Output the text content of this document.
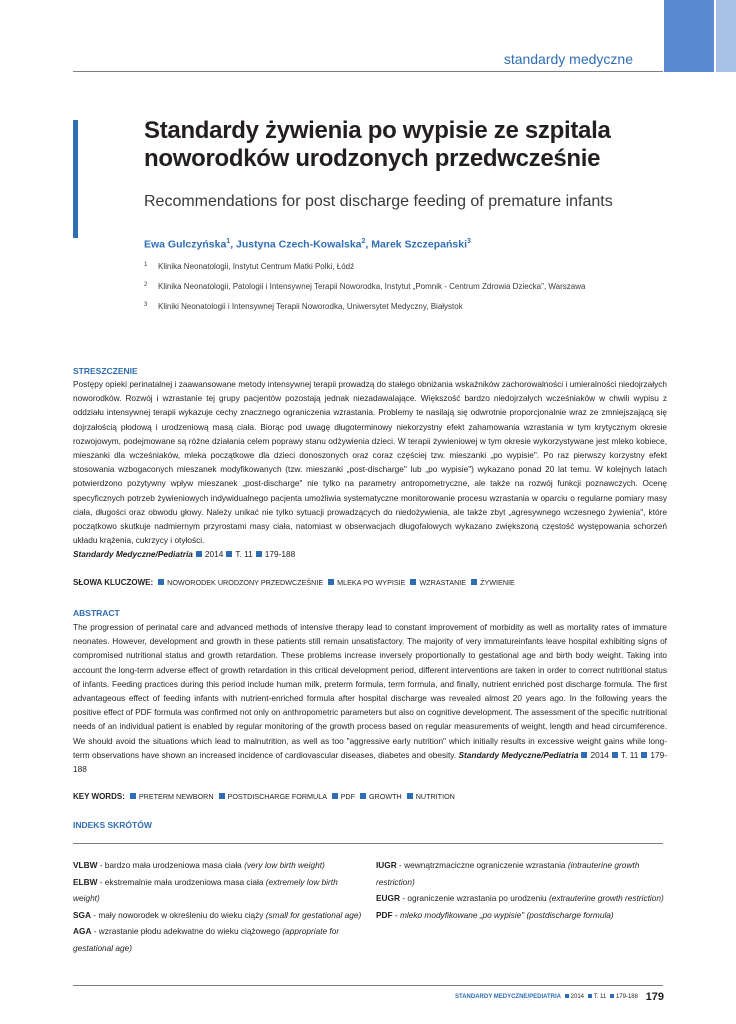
standardy medyczne
Standardy żywienia po wypisie ze szpitala
noworodków urodzonych przedwcześnie
Recommendations for post discharge feeding of premature infants
Ewa Gulczyńska$^1$, Justyna Czech-Kowalska$^2$, Marek Szczepański$^3$
1 Klinika Neonatologii, Instytut Centrum Matki Polki, Łódź
2 Klinika Neonatologii, Patologii i Intensywnej Terapii Noworodka, Instytut „Pomnik - Centrum Zdrowia Dziecka", Warszawa
3 Kliniki Neonatologii i Intensywnej Terapii Noworodka, Uniwersytet Medyczny, Białystok
STRESZCZENIE
Postępy opieki perinatalnej i zaawansowane metody intensywnej terapii prowadzą do stałego obniżania wskaźników zachorowalności i umieralności niedojrzałych noworodków. Rozwój i wzrastanie tej grupy pacjentów pozostają jednak niezadawalające. Większość bardzo niedojrzałych wcześniaków w chwili wypisu z oddziału intensywnej terapii wykazuje cechy znacznego ograniczenia wzrastania. Problemy te nasilają się odwrotnie proporcjonalnie wraz ze zmniejszającą się dojrzałością płodową i urodzeniową masą ciała. Biorąc pod uwagę długoterminowy niekorzystny efekt zahamowania wzrastania w tym krytycznym okresie rozwojowym, podejmowane są różne działania celem poprawy stanu odżywienia dzieci. W terapii żywieniowej w tym okresie wykorzystywane jest mleko kobiece, mieszanki dla wcześniaków, mleka początkowe dla dzieci donoszonych oraz coraz częściej tzw. mieszanki „po wypisie". Po raz pierwszy korzystny efekt stosowania wzbogaconych mieszanek modyfikowanych (tzw. mieszanki „post-discharge" lub „po wypisie") wykazano ponad 20 lat temu. W kolejnych latach potwierdzono pozytywny wpływ mieszanek „post-discharge" nie tylko na parametry antropometryczne, ale także na rozwój funkcji poznawczych. Ocenę specyficznych potrzeb żywieniowych indywidualnego pacjenta umożliwia systematyczne monitorowanie procesu wzrastania w oparciu o regularne pomiary masy ciała, długości oraz obwodu głowy. Należy unikać nie tylko sytuacji prowadzących do niedożywienia, ale także zbyt „agresywnego wczesnego żywienia", które początkowo skutkuje nadmiernym przyrostami masy ciała, natomiast w obserwacjach długofalowych wykazano zwiększoną częstość występowania schorzeń układu krążenia, cukrzycy i otyłości.
Standardy Medyczne/Pediatria 2014 T. 11 179-188
SŁOWA KLUCZOWE: NOWORODEK URODZONY PRZEDWCZEŚNIE MLEKA PO WYPISIE WZRASTANIE ŻYWIENIE
ABSTRACT
The progression of perinatal care and advanced methods of intensive therapy lead to constant improvement of morbidity as well as mortality rates of immature neonates. However, development and growth in these patients still remain unsatisfactory. The majority of very immatureinfants leave hospital exhibiting signs of compromised nutritional status and growth retardation. These problems increase inversely proportionally to gestational age and birth body weight. Taking into account the long-term adverse effect of growth retardation in this critical development period, different interventions are taken in order to correct nutritional status of infants. Feeding practices during this period include human milk, preterm formula, term formula, and finally, nutrient enriched post discharge formula. The first advantageous effect of feeding infants with nutrient-enriched formula after hospital discharge was revealed almost 20 years ago. In the following years the positive effect of PDF formula was confirmed not only on anthropometric parameters but also on cognitive development. The assessment of the specific nutritional needs of an individual patient is enabled by regular monitoring of the growth process based on regular measurements of weight, length and head circumference. We should avoid the situations which lead to malnutrition, as well as too "aggressive early nutrition" which initially results in excessive weight gains while long-term observations have shown an increased incidence of cardiovascular diseases, diabetes and obesity. Standardy Medyczne/Pediatria 2014 T. 11 179-188
KEY WORDS: PRETERM NEWBORN POSTDISCHARGE FORMULA PDF GROWTH NUTRITION
INDEKS SKRÓTÓW
VLBW - bardzo mała urodzeniowa masa ciała (very low birth weight)
ELBW - ekstremalnie mała urodzeniowa masa ciała (extremely low birth weight)
SGA - mały noworodek w określeniu do wieku ciąży (small for gestational age)
AGA - wzrastanie płodu adekwatne do wieku ciążowego (appropriate for gestational age)
IUGR - wewnątrzmaciczne ograniczenie wzrastania (intrauterine growth restriction)
EUGR - ograniczenie wzrastania po urodzeniu (extrauterine growth restriction)
PDF - mleko modyfikowane „po wypisie" (postdischarge formula)
STANDARDY MEDYCZNE/PEDIATRIA 2014 T. 11 179-188 179
